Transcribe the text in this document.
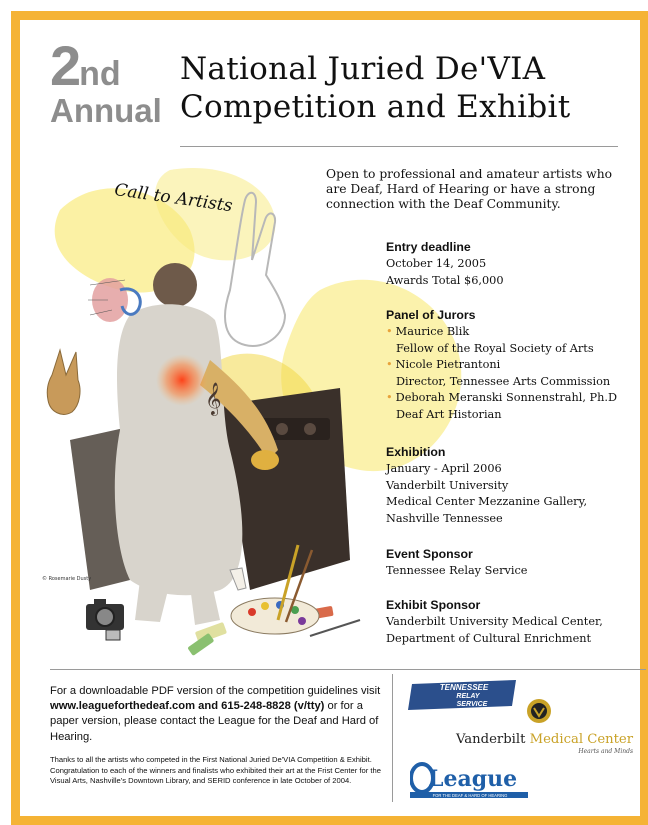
2nd
Annual
National Juried De'VIA
Competition and Exhibit
𝄞
© Rosemarie Dusty
Call to Artists
Open to professional and amateur artists who are Deaf, Hard of Hearing or have a strong connection with the Deaf Community.
Entry deadline
October 14, 2005
Awards Total $6,000
Panel of Jurors
• Maurice Blik
Fellow of the Royal Society of Arts
• Nicole Pietrantoni
Director, Tennessee Arts Commission
• Deborah Meranski Sonnenstrahl, Ph.D
Deaf Art Historian
Exhibition
January - April 2006
Vanderbilt University
Medical Center Mezzanine Gallery,
Nashville Tennessee
Event Sponsor
Tennessee Relay Service
Exhibit Sponsor
Vanderbilt University Medical Center,
Department of Cultural Enrichment
For a downloadable PDF version of the competition guidelines visit www.leagueforthedeaf.com and 615-248-8828 (v/tty) or for a paper version, please contact the League for the Deaf and Hard of Hearing.
Thanks to all the artists who competed in the First National Juried De'VIA Competition & Exhibit. Congratulation to each of the winners and finalists who exhibited their art at the Frist Center for the Visual Arts, Nashville's Downtown Library, and SERID conference in late October of 2004.
TENNESSEE
RELAY
SERVICE
Vanderbilt Medical Center
Hearts and Minds
League
FOR THE DEAF & HARD OF HEARING
